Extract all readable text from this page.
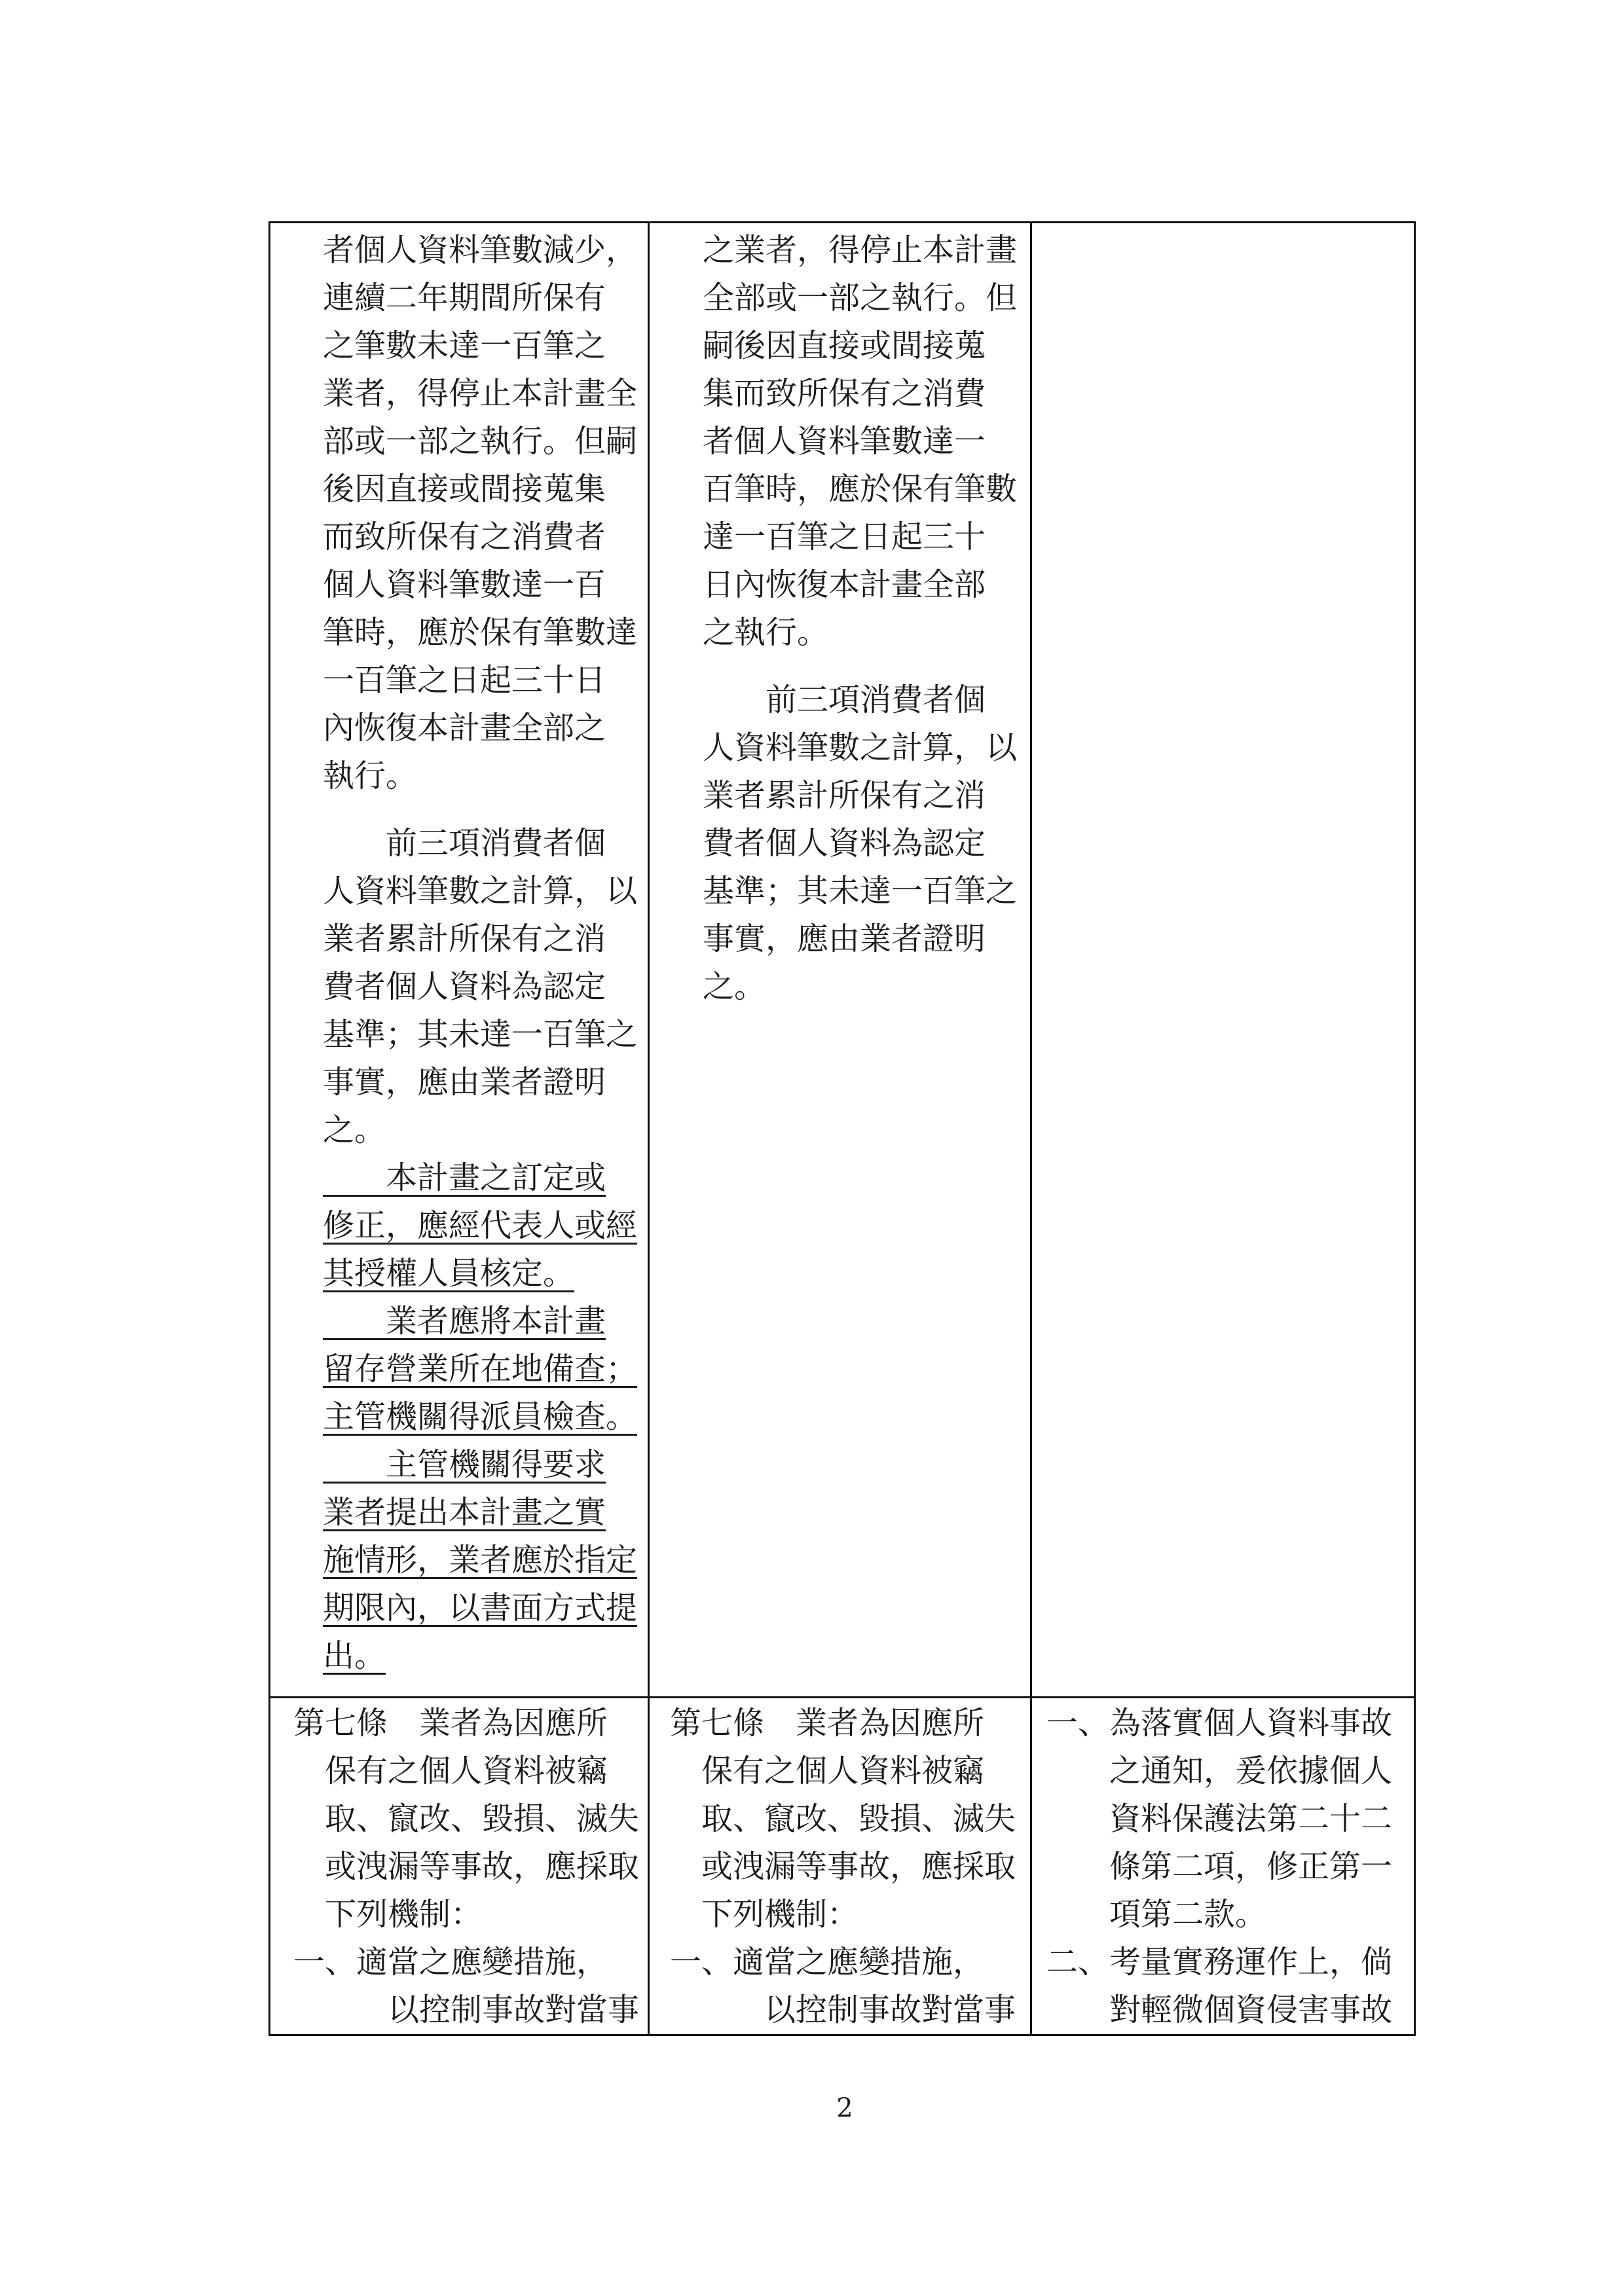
者個人資料筆數減少，

連續二年期間所保有

之筆數未達一百筆之

業者，得停止本計畫全

部或一部之執行。但嗣

後因直接或間接蒐集

而致所保有之消費者

個人資料筆數達一百

筆時，應於保有筆數達

一百筆之日起三十日

內恢復本計畫全部之

執行。

　　前三項消費者個

人資料筆數之計算，以

業者累計所保有之消

費者個人資料為認定

基準；其未達一百筆之

事實，應由業者證明

之。

　　本計畫之訂定或

修正，應經代表人或經

其授權人員核定。

　　業者應將本計畫

留存營業所在地備查；

主管機關得派員檢查。

　　主管機關得要求

業者提出本計畫之實

施情形，業者應於指定

期限內，以書面方式提

出。

之業者，得停止本計畫

全部或一部之執行。但

嗣後因直接或間接蒐

集而致所保有之消費

者個人資料筆數達一

百筆時，應於保有筆數

達一百筆之日起三十

日內恢復本計畫全部

之執行。

　　前三項消費者個

人資料筆數之計算，以

業者累計所保有之消

費者個人資料為認定

基準；其未達一百筆之

事實，應由業者證明

之。

第七條　業者為因應所

　保有之個人資料被竊

　取、竄改、毀損、滅失

　或洩漏等事故，應採取

　下列機制：

一、適當之應變措施，

　　　以控制事故對當事

第七條　業者為因應所

　保有之個人資料被竊

　取、竄改、毀損、滅失

　或洩漏等事故，應採取

　下列機制：

一、適當之應變措施，

　　　以控制事故對當事

一、為落實個人資料事故

　　之通知，爰依據個人

　　資料保護法第二十二

　　條第二項，修正第一

　　項第二款。

二、考量實務運作上，倘

　　對輕微個資侵害事故

2
